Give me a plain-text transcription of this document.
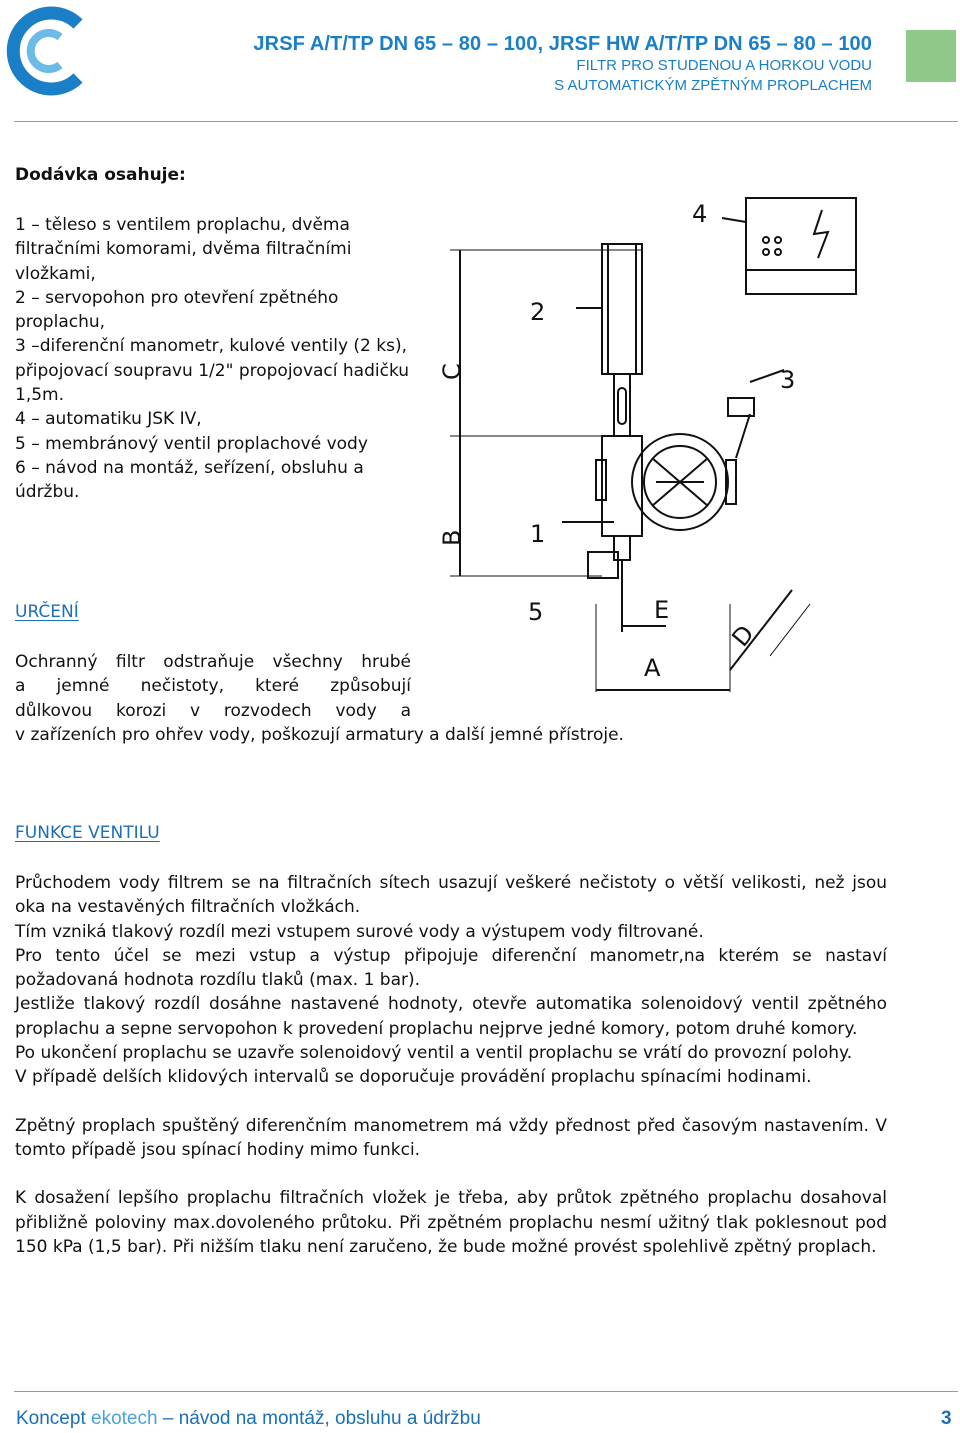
JRSF A/T/TP DN 65 – 80 – 100, JRSF HW A/T/TP DN 65 – 80 – 100
FILTR PRO STUDENOU A HORKOU VODU
S AUTOMATICKÝM ZPĚTNÝM PROPLACHEM
Dodávka osahuje:
1 – těleso s ventilem proplachu, dvěma filtračními komorami, dvěma filtračními vložkami,
2 – servopohon pro otevření zpětného proplachu,
3 –diferenční manometr, kulové ventily (2 ks), připojovací soupravu 1/2" propojovací hadičku 1,5m.
4 – automatiku JSK IV,
5 – membránový ventil proplachové vody
6 – návod na montáž, seřízení, obsluhu a údržbu.
4
2
3
1
5
C
B
E
A
D
URČENÍ
Ochranný filtr odstraňuje všechny hrubé
a jemné nečistoty, které způsobují
důlkovou korozi v rozvodech vody a
v zařízeních pro ohřev vody, poškozují armatury a další jemné přístroje.
FUNKCE VENTILU

Průchodem vody filtrem se na filtračních sítech usazují veškeré nečistoty o větší velikosti, než jsou oka na vestavěných filtračních vložkách.

Tím vzniká tlakový rozdíl mezi vstupem surové vody a výstupem vody filtrované.

Pro tento účel se mezi vstup a výstup připojuje diferenční manometr,na kterém se nastaví požadovaná hodnota rozdílu tlaků (max. 1 bar).

Jestliže tlakový rozdíl dosáhne nastavené hodnoty, otevře automatika solenoidový ventil zpětného proplachu a sepne servopohon k provedení proplachu nejprve jedné komory, potom druhé komory.

Po ukončení proplachu se uzavře solenoidový ventil a ventil proplachu se vrátí do provozní polohy.

V případě delších klidových intervalů se doporučuje provádění proplachu spínacími hodinami.

Zpětný proplach spuštěný diferenčním manometrem má vždy přednost před časovým nastavením. V tomto případě jsou spínací hodiny mimo funkci.

K dosažení lepšího proplachu filtračních vložek je třeba, aby průtok zpětného proplachu dosahoval přibližně poloviny max.dovoleného průtoku. Při zpětném proplachu nesmí užitný tlak poklesnout pod 150 kPa (1,5 bar). Při nižším tlaku není zaručeno, že bude možné provést spolehlivě zpětný proplach.

Koncept ekotech – návod na montáž, obsluhu a údržbu	3
